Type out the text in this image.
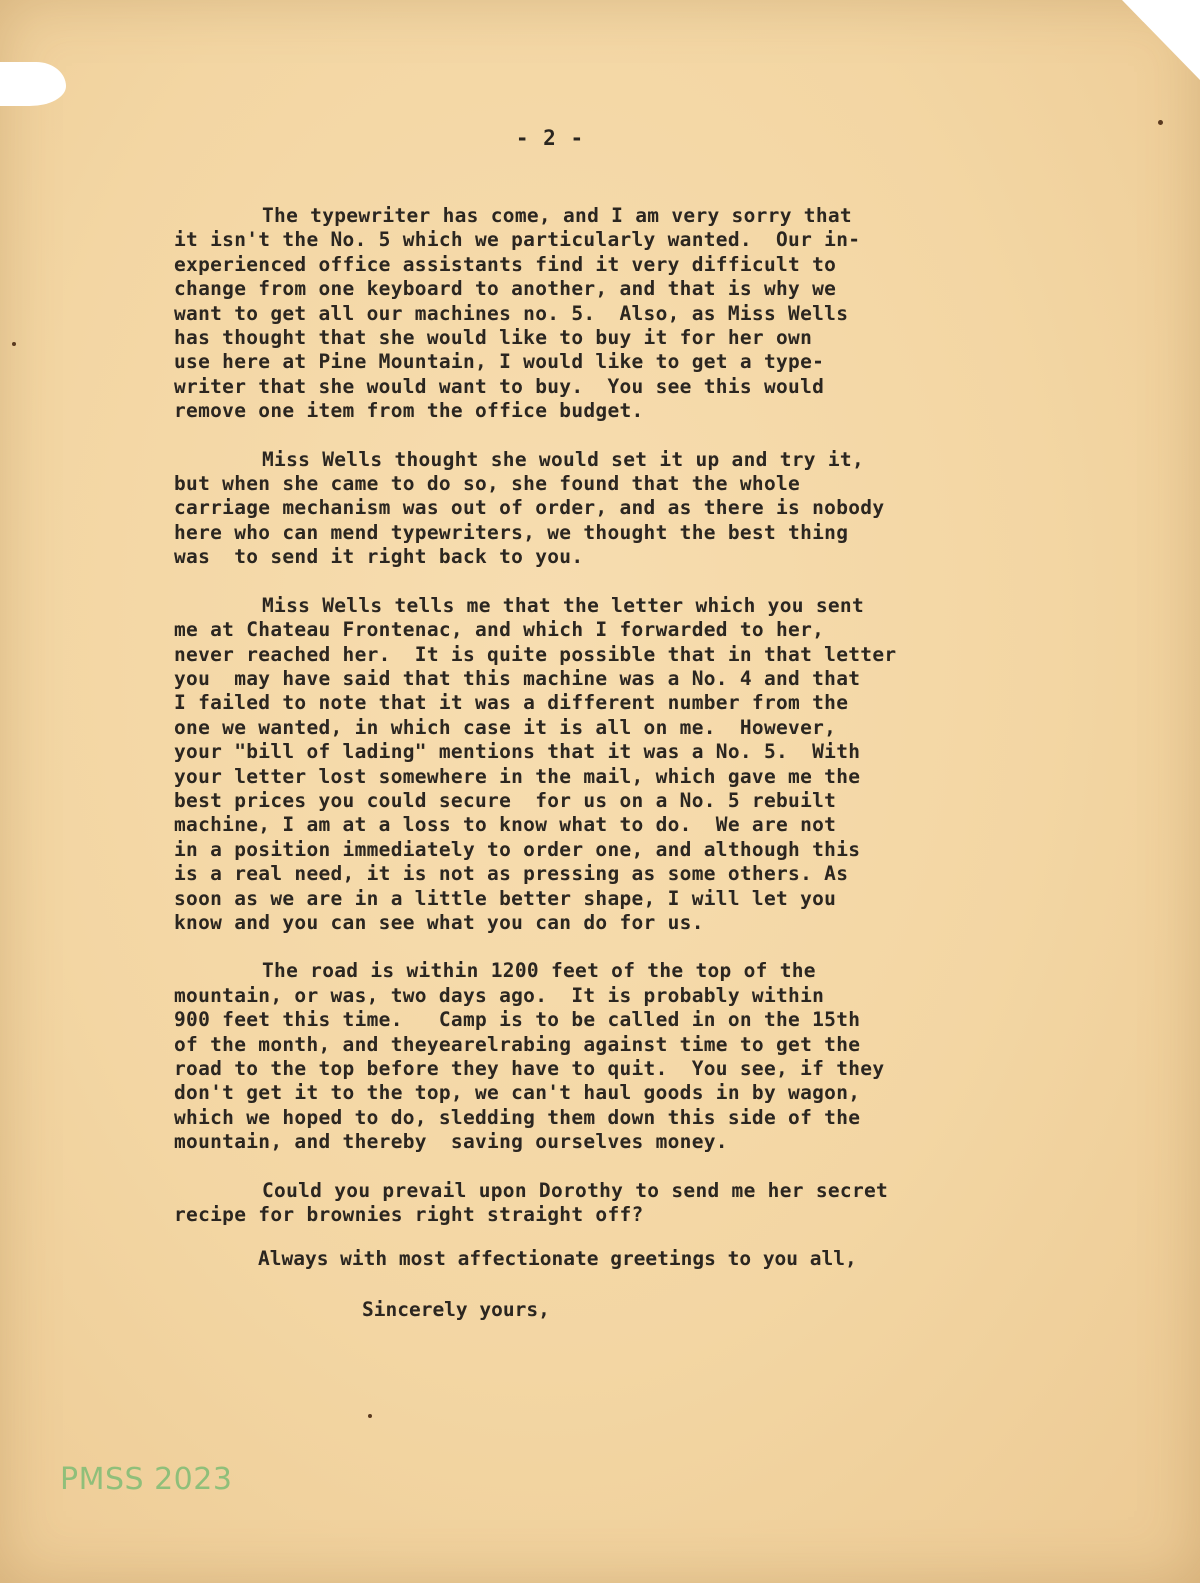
- 2 -

The typewriter has come, and I am very sorry that
it isn't the No. 5 which we particularly wanted.  Our in-
experienced office assistants find it very difficult to
change from one keyboard to another, and that is why we
want to get all our machines no. 5.  Also, as Miss Wells
has thought that she would like to buy it for her own
use here at Pine Mountain, I would like to get a type-
writer that she would want to buy.  You see this would
remove one item from the office budget.

Miss Wells thought she would set it up and try it,
but when she came to do so, she found that the whole
carriage mechanism was out of order, and as there is nobody
here who can mend typewriters, we thought the best thing
was  to send it right back to you.

Miss Wells tells me that the letter which you sent
me at Chateau Frontenac, and which I forwarded to her,
never reached her.  It is quite possible that in that letter
you  may have said that this machine was a No. 4 and that
I failed to note that it was a different number from the
one we wanted, in which case it is all on me.  However,
your "bill of lading" mentions that it was a No. 5.  With
your letter lost somewhere in the mail, which gave me the
best prices you could secure  for us on a No. 5 rebuilt
machine, I am at a loss to know what to do.  We are not
in a position immediately to order one, and although this
is a real need, it is not as pressing as some others. As
soon as we are in a little better shape, I will let you
know and you can see what you can do for us.

The road is within 1200 feet of the top of the
mountain, or was, two days ago.  It is probably within
900 feet this time.   Camp is to be called in on the 15th
of the month, and theyearelrabing against time to get the
road to the top before they have to quit.  You see, if they
don't get it to the top, we can't haul goods in by wagon,
which we hoped to do, sledding them down this side of the
mountain, and thereby  saving ourselves money.

Could you prevail upon Dorothy to send me her secret
recipe for brownies right straight off?

Always with most affectionate greetings to you all,

Sincerely yours,

PMSS 2023
